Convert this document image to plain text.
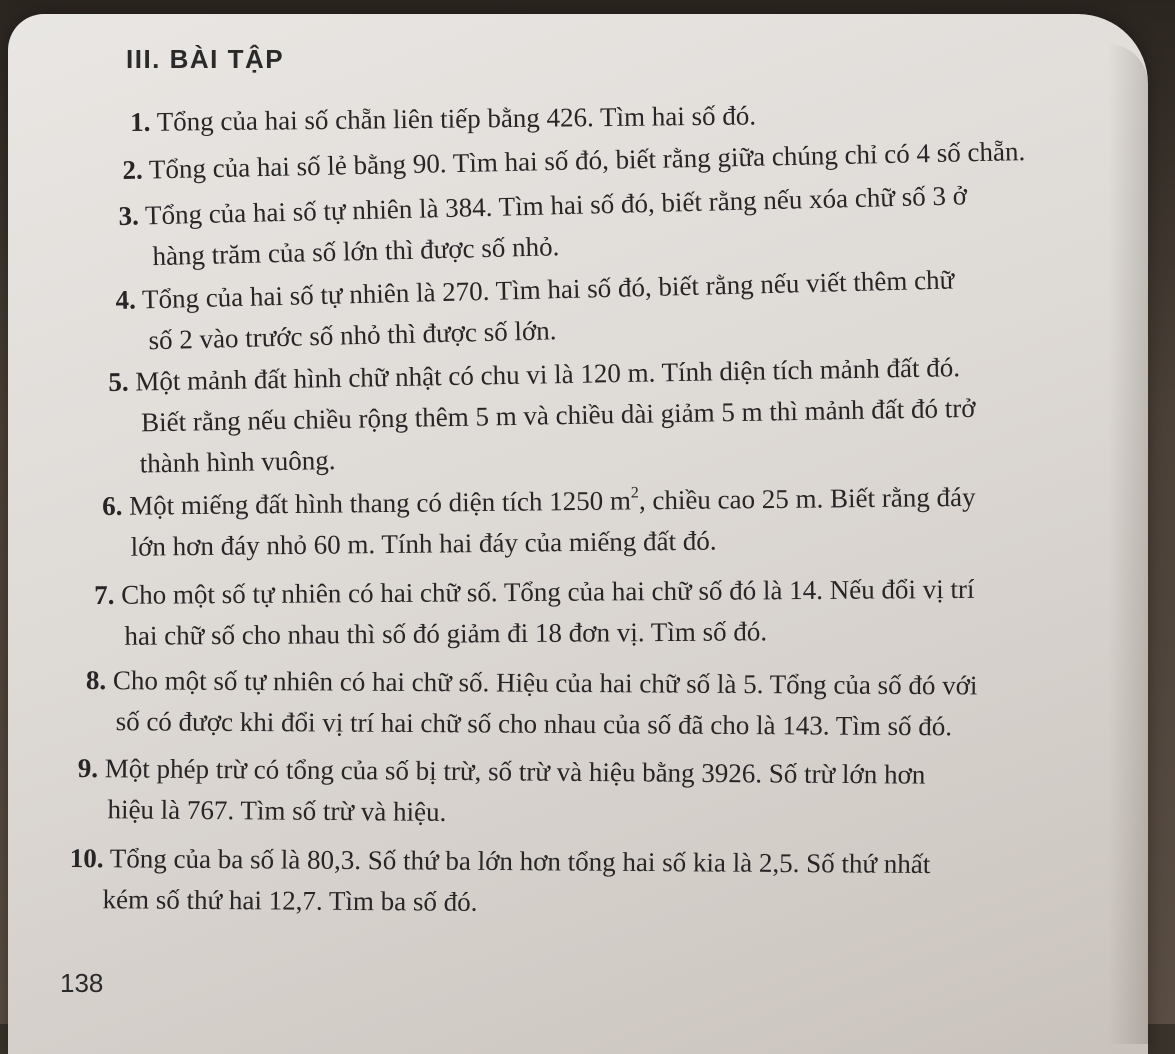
III. BÀI TẬP
1. Tổng của hai số chẵn liên tiếp bằng 426. Tìm hai số đó.
2. Tổng của hai số lẻ bằng 90. Tìm hai số đó, biết rằng giữa chúng chỉ có 4 số chẵn.
3. Tổng của hai số tự nhiên là 384. Tìm hai số đó, biết rằng nếu xóa chữ số 3 ở
hàng trăm của số lớn thì được số nhỏ.
4. Tổng của hai số tự nhiên là 270. Tìm hai số đó, biết rằng nếu viết thêm chữ
số 2 vào trước số nhỏ thì được số lớn.
5. Một mảnh đất hình chữ nhật có chu vi là 120 m. Tính diện tích mảnh đất đó.
Biết rằng nếu chiều rộng thêm 5 m và chiều dài giảm 5 m thì mảnh đất đó trở
thành hình vuông.
6. Một miếng đất hình thang có diện tích 1250 $m^2$, chiều cao 25 m. Biết rằng đáy
lớn hơn đáy nhỏ 60 m. Tính hai đáy của miếng đất đó.
7. Cho một số tự nhiên có hai chữ số. Tổng của hai chữ số đó là 14. Nếu đổi vị trí
hai chữ số cho nhau thì số đó giảm đi 18 đơn vị. Tìm số đó.
8. Cho một số tự nhiên có hai chữ số. Hiệu của hai chữ số là 5. Tổng của số đó với
số có được khi đổi vị trí hai chữ số cho nhau của số đã cho là 143. Tìm số đó.
9. Một phép trừ có tổng của số bị trừ, số trừ và hiệu bằng 3926. Số trừ lớn hơn
hiệu là 767. Tìm số trừ và hiệu.
10. Tổng của ba số là 80,3. Số thứ ba lớn hơn tổng hai số kia là 2,5. Số thứ nhất
kém số thứ hai 12,7. Tìm ba số đó.
138
